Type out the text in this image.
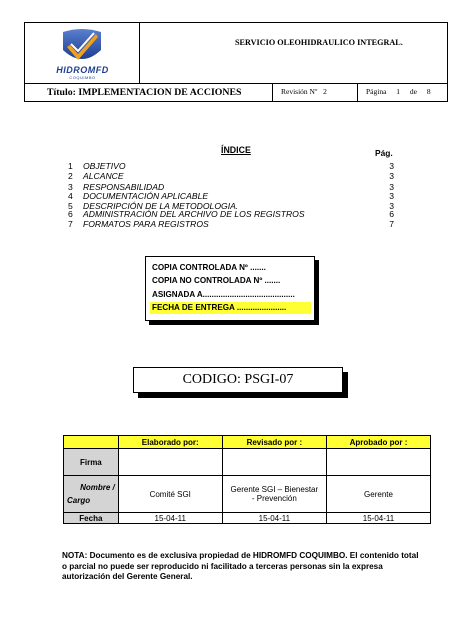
HIDROMFD
COQUIMBO
SERVICIO OLEOHIDRAULICO INTEGRAL.
Título: IMPLEMENTACION DE ACCIONES	Revisión Nº 2	Página 1 de 8
ÍNDICE	Pág.
1	OBJETIVO	3
2	ALCANCE	3
3	RESPONSABILIDAD	3
4	DOCUMENTACIÓN APLICABLE	3
5	DESCRIPCIÓN DE LA METODOLOGIA.	3
6	ADMINISTRACIÓN DEL ARCHIVO DE LOS REGISTROS	6
7	FORMATOS PARA REGISTROS	7
COPIA CONTROLADA Nº .......
COPIA NO CONTROLADA Nº .......
ASIGNADA A.........................................
FECHA DE ENTREGA ......................
CODIGO: PSGI-07
	Elaborado por:	Revisado por :	Aprobado por :
Firma			

Nombre /
Cargo	Comité SGI	Gerente SGI – Bienestar - Prevención	Gerente
Fecha	15-04-11	15-04-11	15-04-11
NOTA: Documento es de exclusiva propiedad de HIDROMFD COQUIMBO. El contenido total o parcial no puede ser reproducido ni facilitado a terceras personas sin la expresa autorización del Gerente General.
